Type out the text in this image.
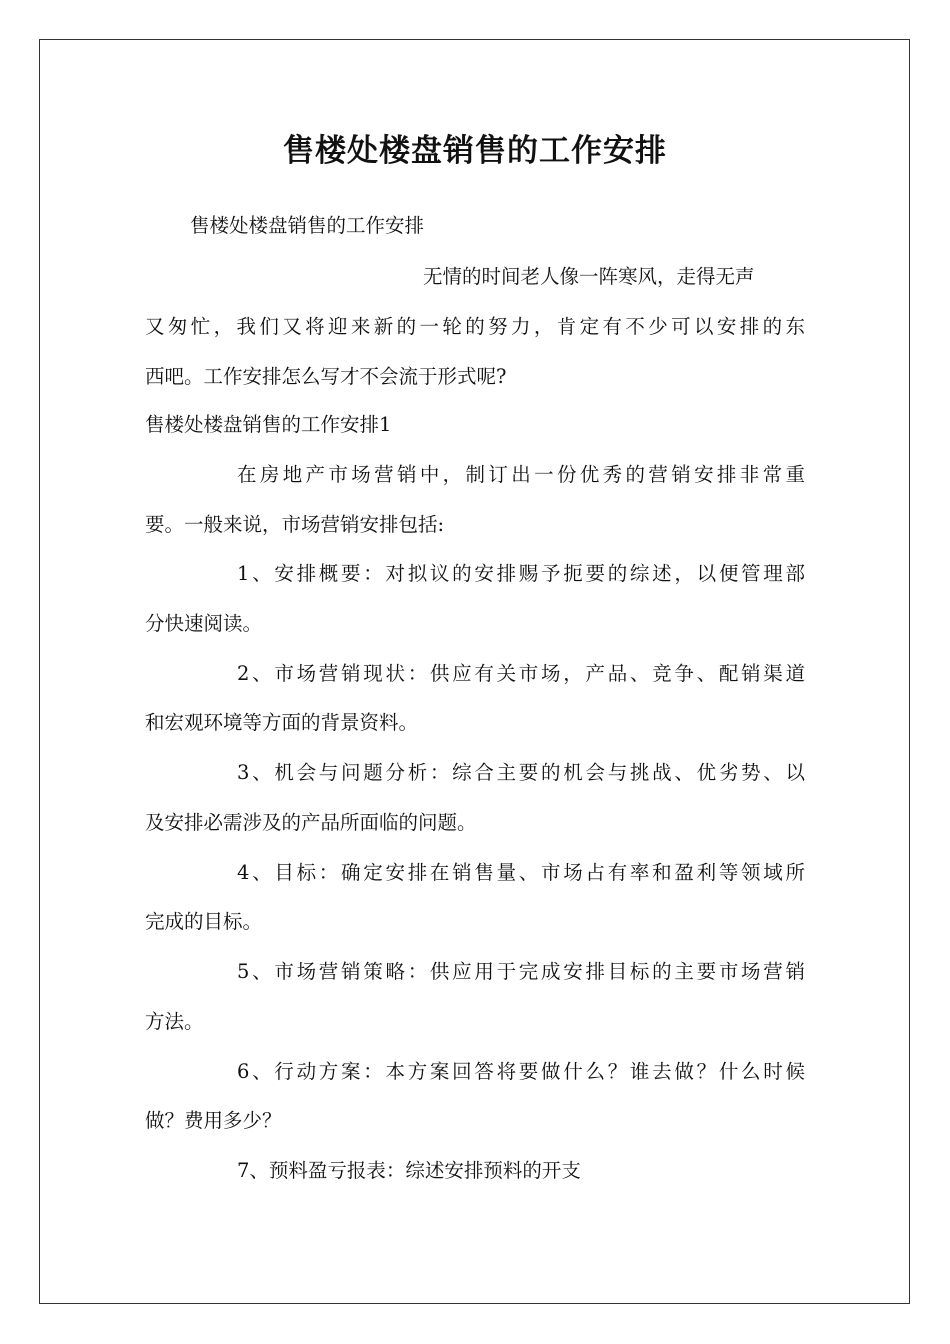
售楼处楼盘销售的工作安排
售楼处楼盘销售的工作安排
无情的时间老人像一阵寒风，走得无声
又匆忙，我们又将迎来新的一轮的努力，肯定有不少可以安排的东
西吧。工作安排怎么写才不会流于形式呢?
售楼处楼盘销售的工作安排1
在房地产市场营销中，制订出一份优秀的营销安排非常重
要。一般来说，市场营销安排包括:
1、安排概要：对拟议的安排赐予扼要的综述，以便管理部
分快速阅读。
2、市场营销现状：供应有关市场，产品、竞争、配销渠道
和宏观环境等方面的背景资料。
3、机会与问题分析：综合主要的机会与挑战、优劣势、以
及安排必需涉及的产品所面临的问题。
4、目标：确定安排在销售量、市场占有率和盈利等领域所
完成的目标。
5、市场营销策略：供应用于完成安排目标的主要市场营销
方法。
6、行动方案：本方案回答将要做什么？谁去做？什么时候
做？费用多少？
7、预料盈亏报表：综述安排预料的开支
